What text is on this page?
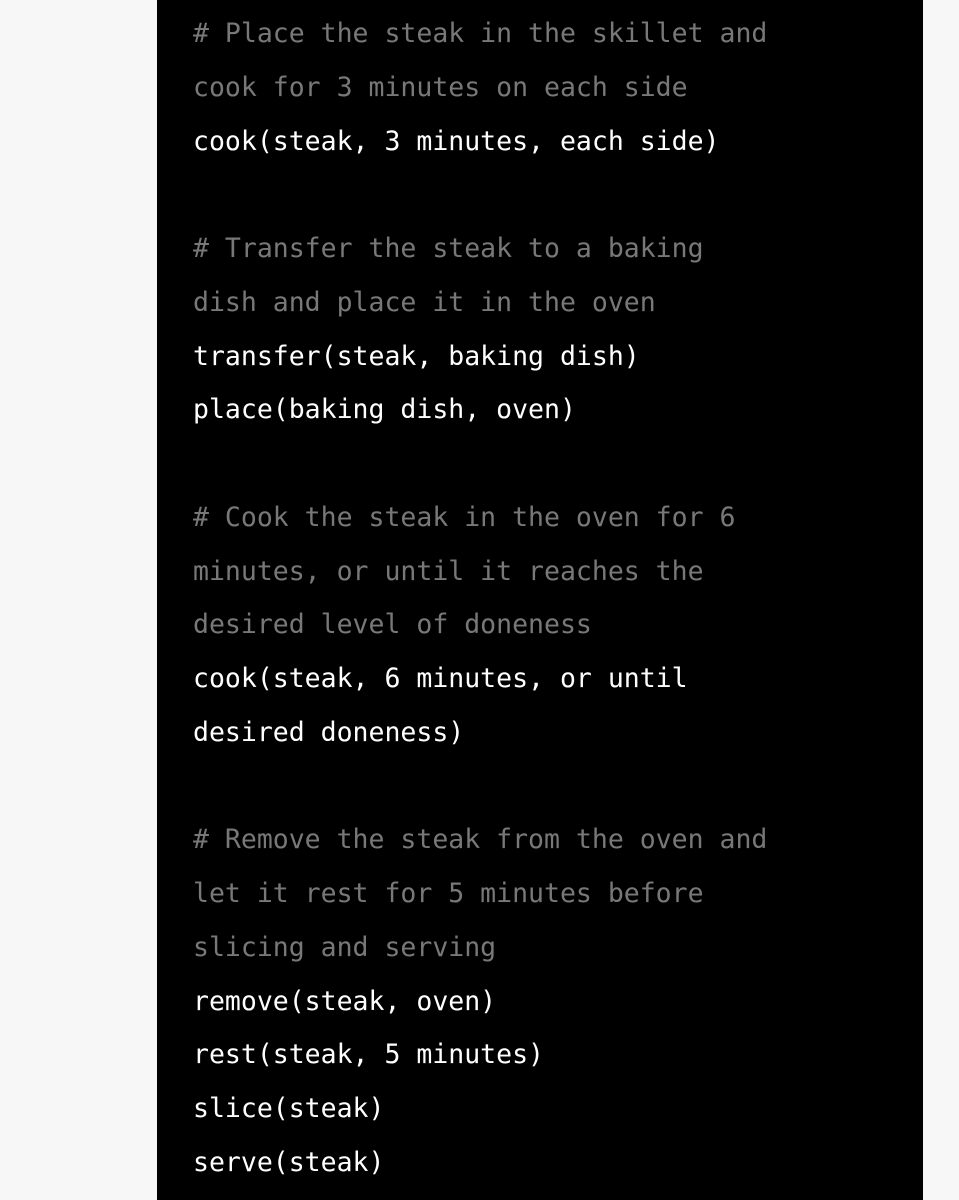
# Place the steak in the skillet and
cook for 3 minutes on each side
cook(steak, 3 minutes, each side)
# Transfer the steak to a baking
dish and place it in the oven
transfer(steak, baking dish)
place(baking dish, oven)
# Cook the steak in the oven for 6
minutes, or until it reaches the
desired level of doneness
cook(steak, 6 minutes, or until
desired doneness)
# Remove the steak from the oven and
let it rest for 5 minutes before
slicing and serving
remove(steak, oven)
rest(steak, 5 minutes)
slice(steak)
serve(steak)
